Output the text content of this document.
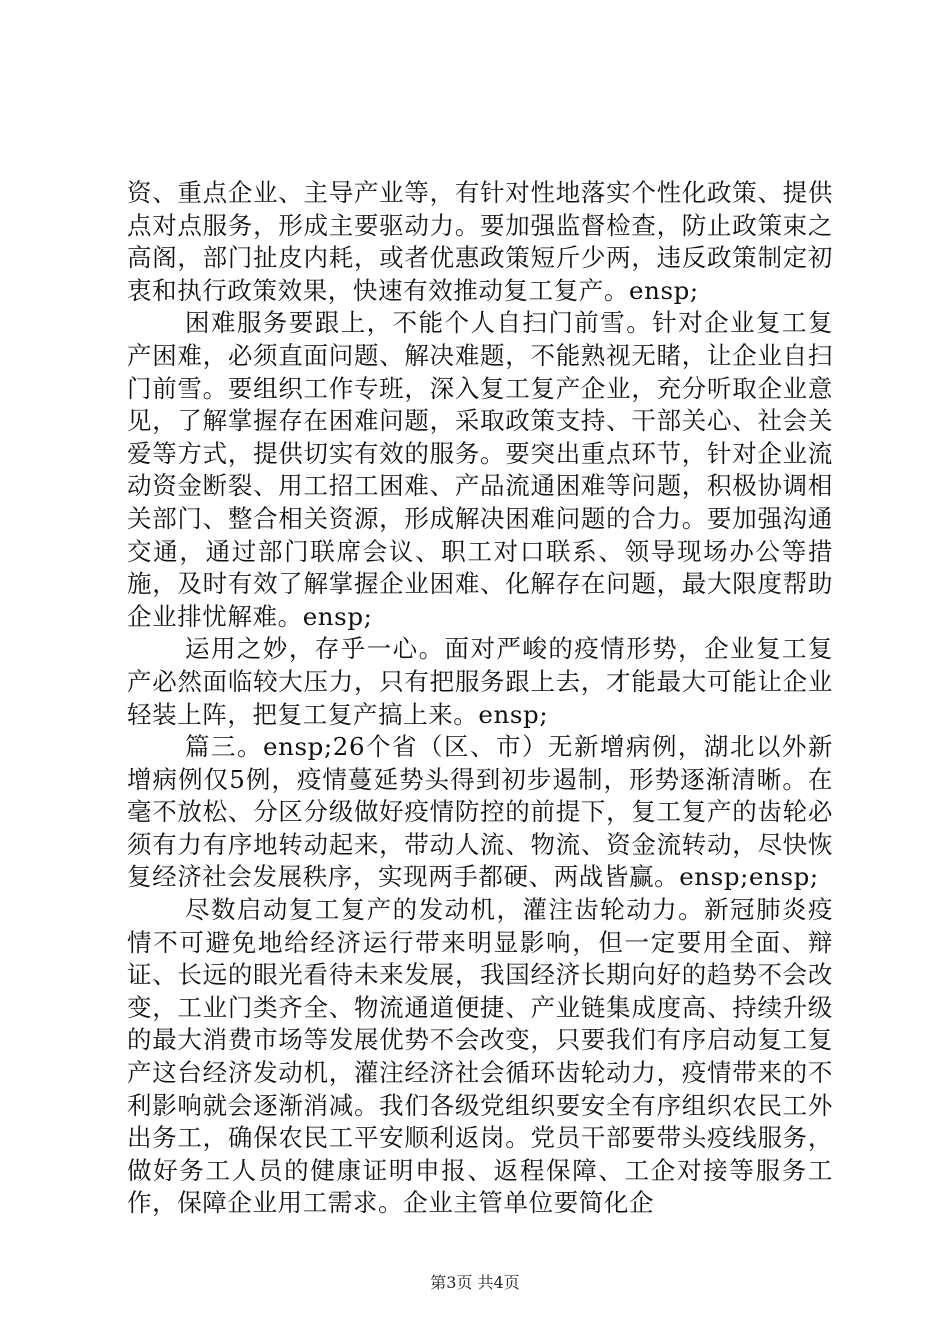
资、重点企业、主导产业等，有针对性地落实个性化政策、提供点对点服务，形成主要驱动力。要加强监督检查，防止政策束之高阁，部门扯皮内耗，或者优惠政策短斤少两，违反政策制定初衷和执行政策效果，快速有效推动复工复产。ensp;

困难服务要跟上，不能个人自扫门前雪。针对企业复工复产困难，必须直面问题、解决难题，不能熟视无睹，让企业自扫门前雪。要组织工作专班，深入复工复产企业，充分听取企业意见，了解掌握存在困难问题，采取政策支持、干部关心、社会关爱等方式，提供切实有效的服务。要突出重点环节，针对企业流动资金断裂、用工招工困难、产品流通困难等问题，积极协调相关部门、整合相关资源，形成解决困难问题的合力。要加强沟通交通，通过部门联席会议、职工对口联系、领导现场办公等措施，及时有效了解掌握企业困难、化解存在问题，最大限度帮助企业排忧解难。ensp;

运用之妙，存乎一心。面对严峻的疫情形势，企业复工复产必然面临较大压力，只有把服务跟上去，才能最大可能让企业轻装上阵，把复工复产搞上来。ensp;

篇三。ensp;26个省（区、市）无新增病例，湖北以外新增病例仅5例，疫情蔓延势头得到初步遏制，形势逐渐清晰。在毫不放松、分区分级做好疫情防控的前提下，复工复产的齿轮必须有力有序地转动起来，带动人流、物流、资金流转动，尽快恢复经济社会发展秩序，实现两手都硬、两战皆赢。ensp;ensp;

尽数启动复工复产的发动机，灌注齿轮动力。新冠肺炎疫情不可避免地给经济运行带来明显影响，但一定要用全面、辩证、长远的眼光看待未来发展，我国经济长期向好的趋势不会改变，工业门类齐全、物流通道便捷、产业链集成度高、持续升级的最大消费市场等发展优势不会改变，只要我们有序启动复工复产这台经济发动机，灌注经济社会循环齿轮动力，疫情带来的不利影响就会逐渐消减。我们各级党组织要安全有序组织农民工外出务工，确保农民工平安顺利返岗。党员干部要带头疫线服务，做好务工人员的健康证明申报、返程保障、工企对接等服务工作，保障企业用工需求。企业主管单位要简化企

第3页 共4页
